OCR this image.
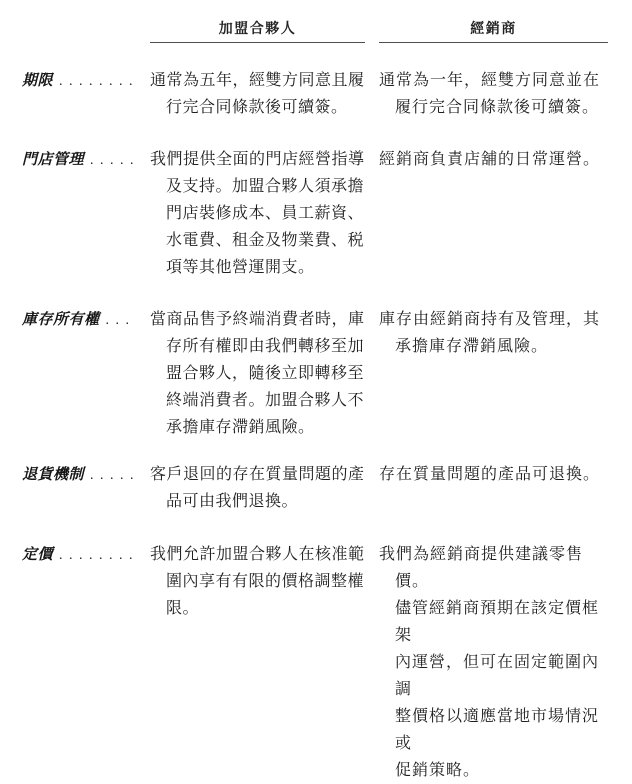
加盟合夥人	經銷商
期限 ........ 通常為五年，經雙方同意且履
行完合同條款後可續簽。
通常為一年，經雙方同意並在
履行完合同條款後可續簽。
門店管理 ..... 我們提供全面的門店經營指導
及支持。加盟合夥人須承擔
門店裝修成本、員工薪資、
水電費、租金及物業費、税
項等其他營運開支。
經銷商負責店舖的日常運營。
庫存所有權 ... 當商品售予終端消費者時，庫
存所有權即由我們轉移至加
盟合夥人，隨後立即轉移至
終端消費者。加盟合夥人不
承擔庫存滯銷風險。
庫存由經銷商持有及管理，其
承擔庫存滯銷風險。
退貨機制 ..... 客戶退回的存在質量問題的產
品可由我們退換。
存在質量問題的產品可退換。
定價 ........ 我們允許加盟合夥人在核准範
圍內享有有限的價格調整權
限。
我們為經銷商提供建議零售價。
儘管經銷商預期在該定價框架
內運營，但可在固定範圍內調
整價格以適應當地市場情況或
促銷策略。
